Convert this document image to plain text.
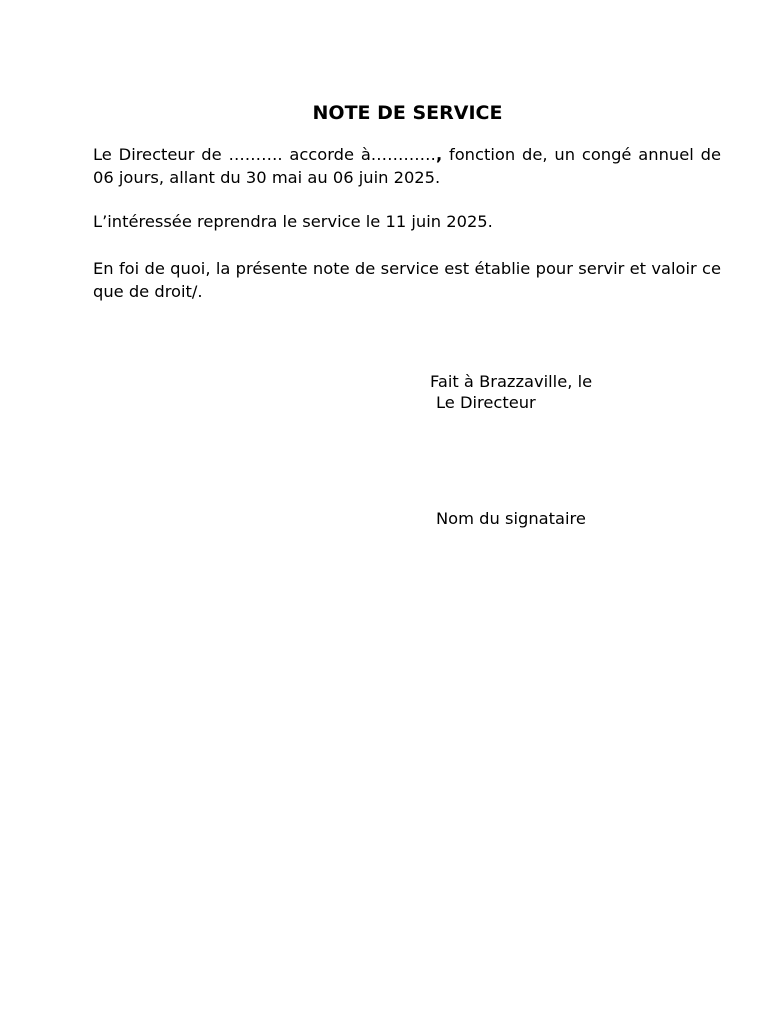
NOTE DE SERVICE
Le Directeur de ………. accorde à…………, fonction de, un congé annuel de 06 jours, allant du 30 mai au 06 juin 2025.
L’intéressée reprendra le service le 11 juin 2025.
En foi de quoi, la présente note de service est établie pour servir et valoir ce que de droit/.
Fait à Brazzaville, le
Le Directeur
Nom du signataire
